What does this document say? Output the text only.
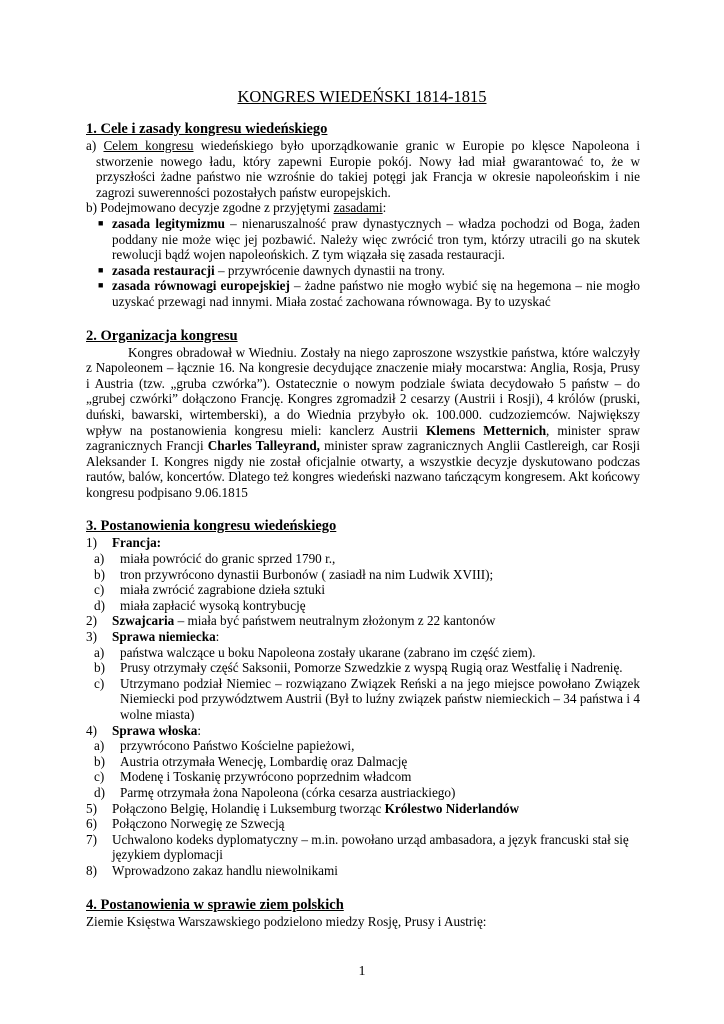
KONGRES WIEDEŃSKI 1814-1815
1. Cele i zasady kongresu wiedeńskiego

a) Celem kongresu wiedeńskiego było uporządkowanie granic w Europie po klęsce Napoleona i stworzenie nowego ładu, który zapewni Europie pokój. Nowy ład miał gwarantować to, że w przyszłości żadne państwo nie wzrośnie do takiej potęgi jak Francja w okresie napoleońskim i nie zagrozi suwerenności pozostałych państw europejskich.

b) Podejmowano decyzje zgodne z przyjętymi zasadami:

■ zasada legitymizmu – nienaruszalność praw dynastycznych – władza pochodzi od Boga, żaden poddany nie może więc jej pozbawić. Należy więc zwrócić tron tym, którzy utracili go na skutek rewolucji bądź wojen napoleońskich. Z tym wiązała się zasada restauracji.
■ zasada restauracji – przywrócenie dawnych dynastii na trony.
■ zasada równowagi europejskiej – żadne państwo nie mogło wybić się na hegemona – nie mogło uzyskać przewagi nad innymi. Miała zostać zachowana równowaga. By to uzyskać
2. Organizacja kongresu

Kongres obradował w Wiedniu. Zostały na niego zaproszone wszystkie państwa, które walczyły z Napoleonem – łącznie 16. Na kongresie decydujące znaczenie miały mocarstwa: Anglia, Rosja, Prusy i Austria (tzw. „gruba czwórka”). Ostatecznie o nowym podziale świata decydowało 5 państw – do „grubej czwórki” dołączono Francję. Kongres zgromadził 2 cesarzy (Austrii i Rosji), 4 królów (pruski, duński, bawarski, wirtemberski), a do Wiednia przybyło ok. 100.000. cudzoziemców. Największy wpływ na postanowienia kongresu mieli: kanclerz Austrii Klemens Metternich, minister spraw zagranicznych Francji Charles Talleyrand, minister spraw zagranicznych Anglii Castlereigh, car Rosji Aleksander I. Kongres nigdy nie został oficjalnie otwarty, a wszystkie decyzje dyskutowano podczas rautów, balów, koncertów. Dlatego też kongres wiedeński nazwano tańczącym kongresem. Akt końcowy kongresu podpisano 9.06.1815

3. Postanowienia kongresu wiedeńskiego
1) Francja:
a) miała powrócić do granic sprzed 1790 r.,
b) tron przywrócono dynastii Burbonów ( zasiadł na nim Ludwik XVIII);
c) miała zwrócić zagrabione dzieła sztuki
d) miała zapłacić wysoką kontrybucję
2) Szwajcaria – miała być państwem neutralnym złożonym z 22 kantonów
3) Sprawa niemiecka:
a) państwa walczące u boku Napoleona zostały ukarane (zabrano im część ziem).
b) Prusy otrzymały część Saksonii, Pomorze Szwedzkie z wyspą Rugią oraz Westfalię i Nadrenię.
c) Utrzymano podział Niemiec – rozwiązano Związek Reński a na jego miejsce powołano Związek Niemiecki pod przywództwem Austrii (Był to luźny związek państw niemieckich – 34 państwa i 4 wolne miasta)
4) Sprawa włoska:
a) przywrócono Państwo Kościelne papieżowi,
b) Austria otrzymała Wenecję, Lombardię oraz Dalmację
c) Modenę i Toskanię przywrócono poprzednim władcom
d) Parmę otrzymała żona Napoleona (córka cesarza austriackiego)
5) Połączono Belgię, Holandię i Luksemburg tworząc Królestwo Niderlandów
6) Połączono Norwegię ze Szwecją
7) Uchwalono kodeks dyplomatyczny – m.in. powołano urząd ambasadora, a język francuski stał się językiem dyplomacji
8) Wprowadzono zakaz handlu niewolnikami
4. Postanowienia w sprawie ziem polskich

Ziemie Księstwa Warszawskiego podzielono miedzy Rosję, Prusy i Austrię:

1
